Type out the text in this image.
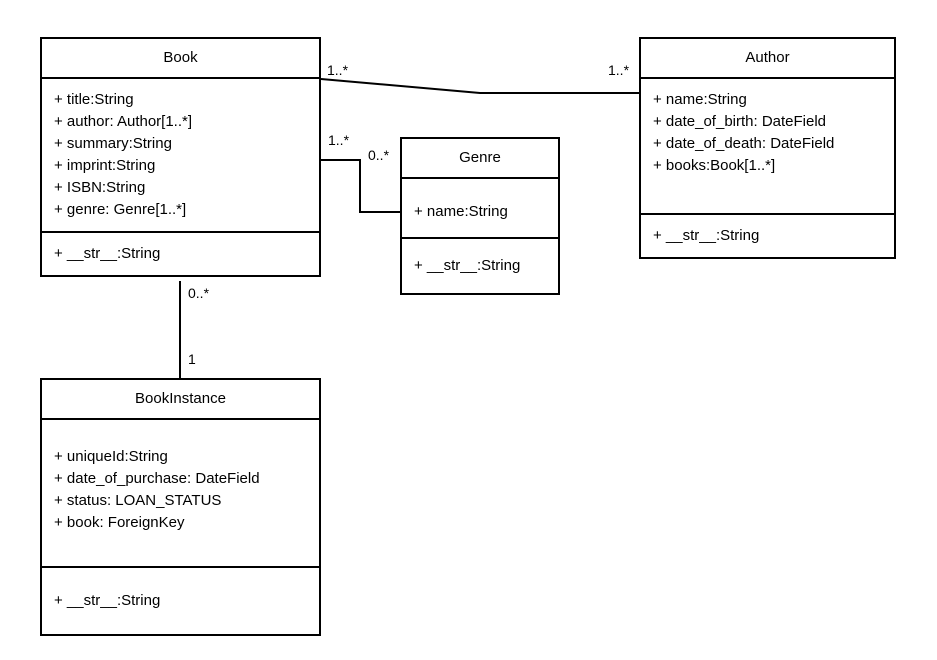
Book
+ title:String
+ author: Author[1..*]
+ summary:String
+ imprint:String
+ ISBN:String
+ genre: Genre[1..*]
+ __str__:String
Author
+ name:String
+ date_of_birth: DateField
+ date_of_death: DateField
+ books:Book[1..*]
+ __str__:String
Genre
+ name:String
+ __str__:String
BookInstance
+ uniqueId:String
+ date_of_purchase: DateField
+ status: LOAN_STATUS
+ book: ForeignKey
+ __str__:String
1..*	1..*
1..*
0..*
0..*
1
